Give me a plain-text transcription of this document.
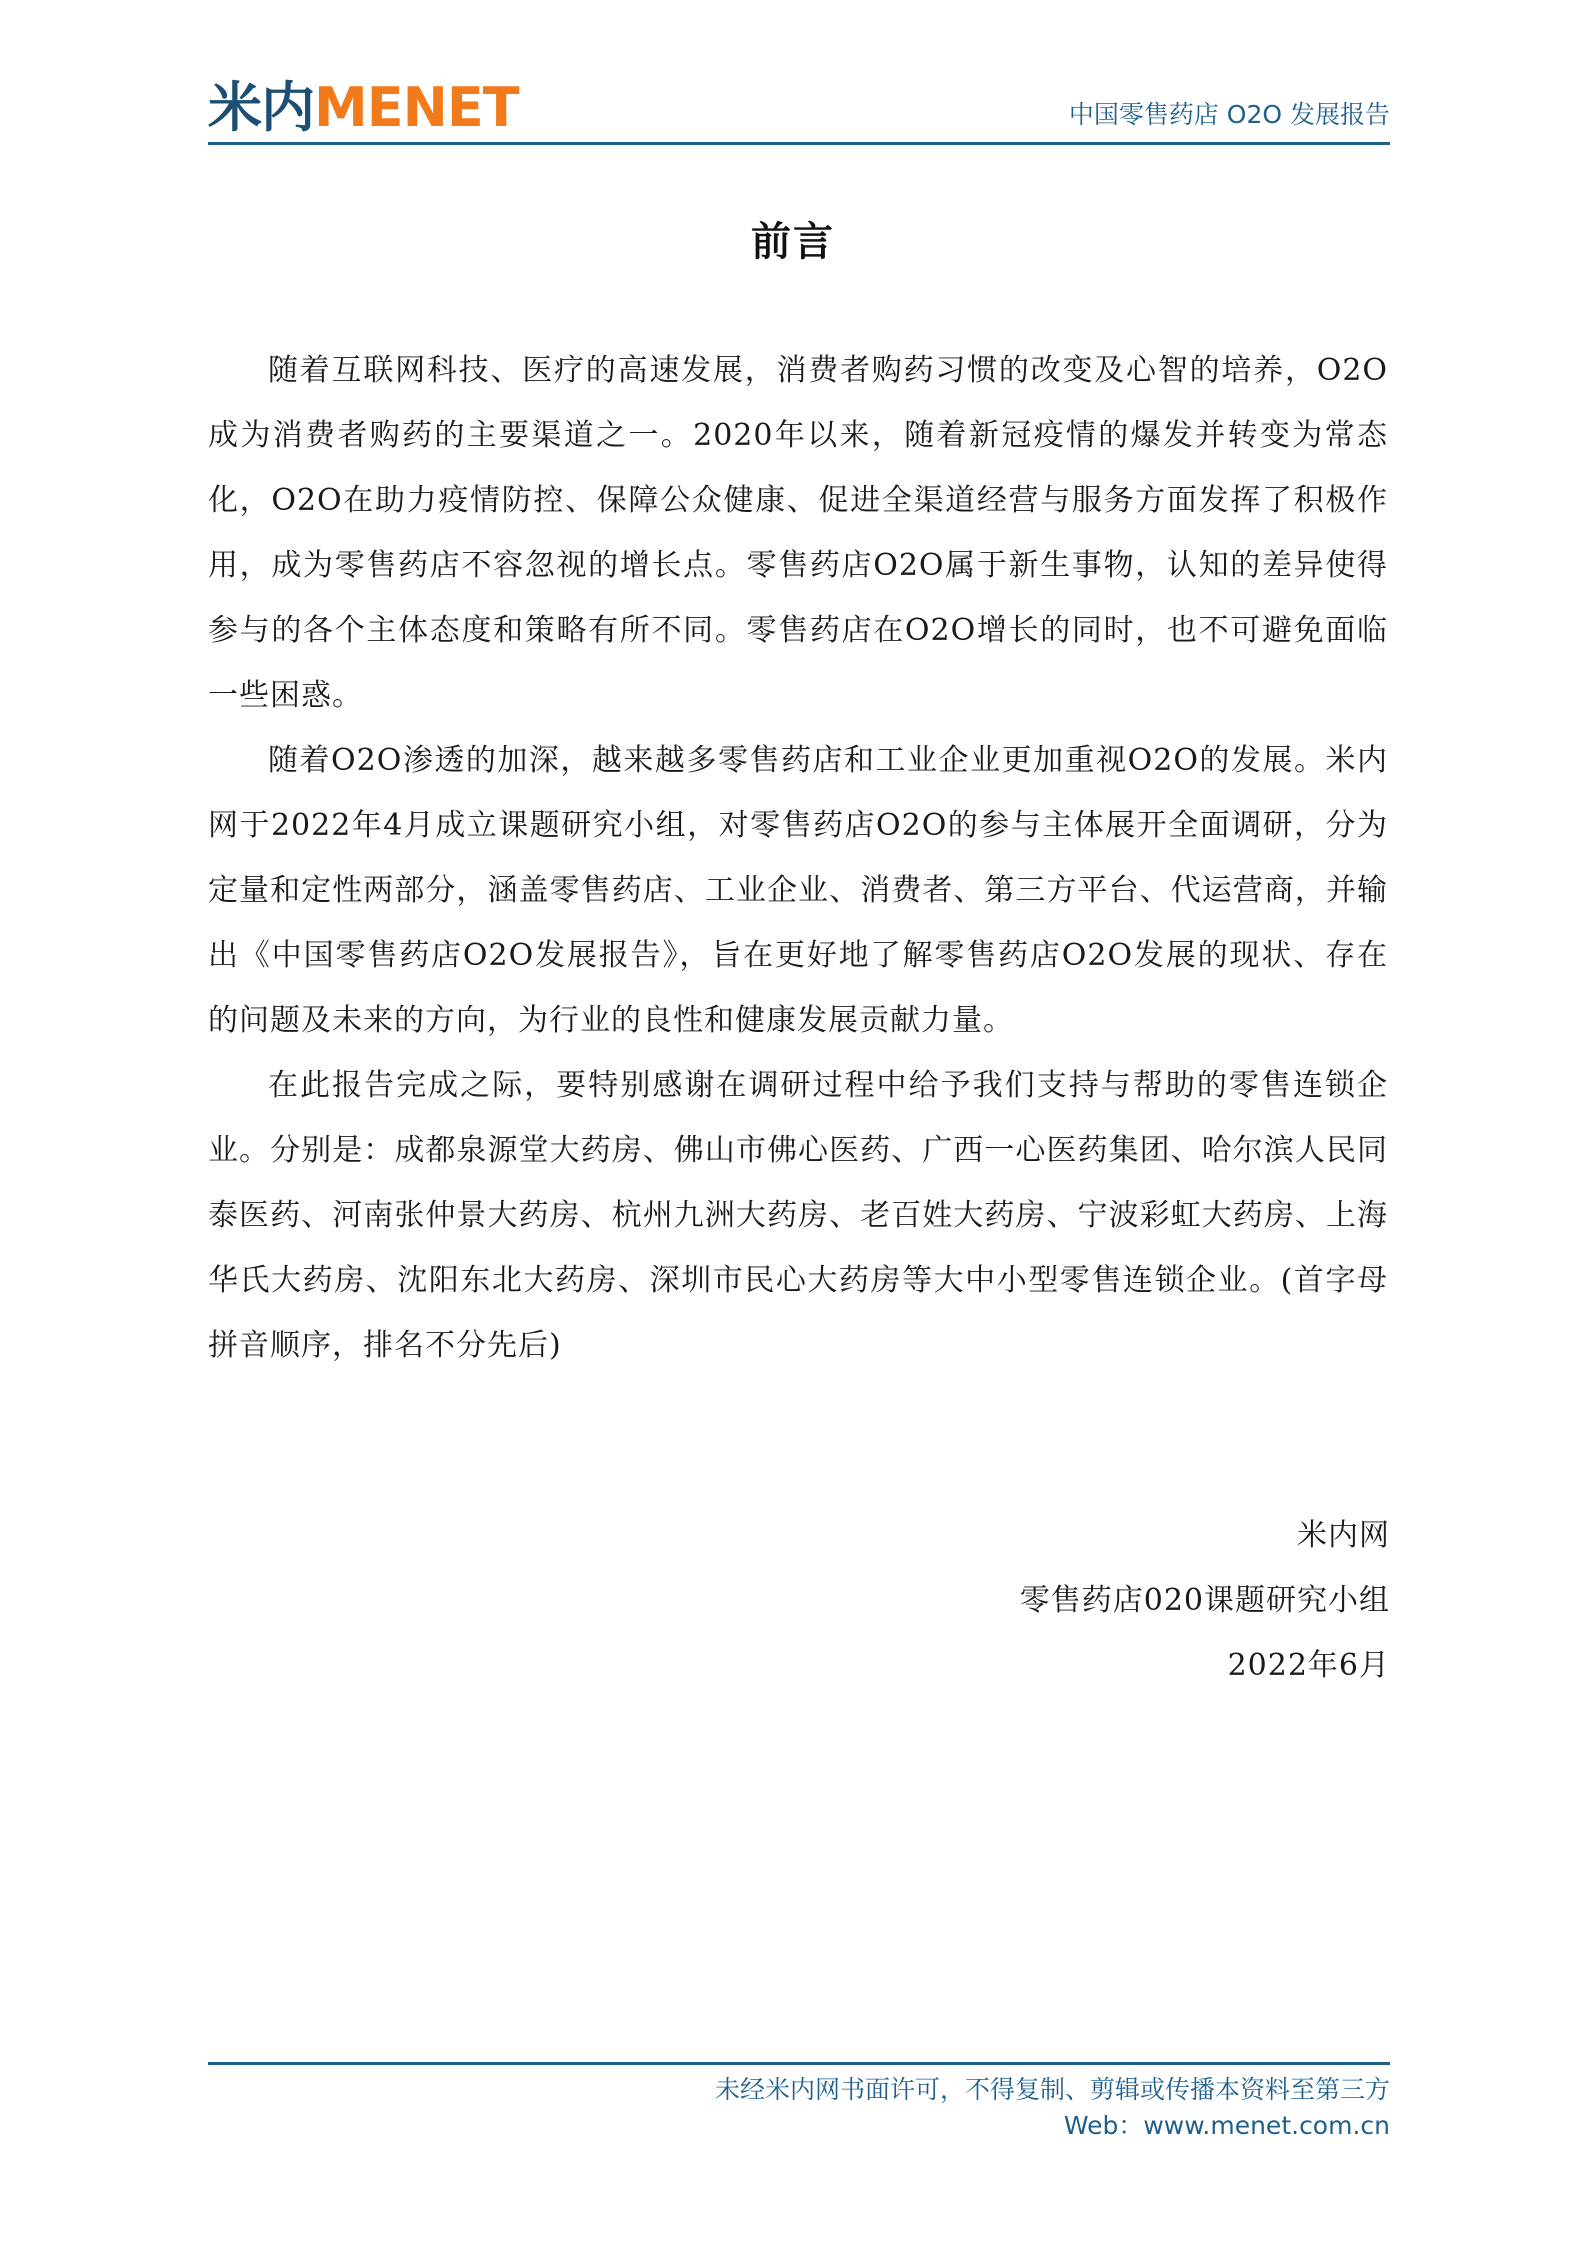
米内MENET	中国零售药店 O2O 发展报告
前言

随着互联网科技、医疗的高速发展，消费者购药习惯的改变及心智的培养，O2O成为消费者购药的主要渠道之一。2020年以来，随着新冠疫情的爆发并转变为常态化，O2O在助力疫情防控、保障公众健康、促进全渠道经营与服务方面发挥了积极作用，成为零售药店不容忽视的增长点。零售药店O2O属于新生事物，认知的差异使得参与的各个主体态度和策略有所不同。零售药店在O2O增长的同时，也不可避免面临一些困惑。

随着O2O渗透的加深，越来越多零售药店和工业企业更加重视O2O的发展。米内网于2022年4月成立课题研究小组，对零售药店O2O的参与主体展开全面调研，分为定量和定性两部分，涵盖零售药店、工业企业、消费者、第三方平台、代运营商，并输出《中国零售药店O2O发展报告》，旨在更好地了解零售药店O2O发展的现状、存在的问题及未来的方向，为行业的良性和健康发展贡献力量。

在此报告完成之际，要特别感谢在调研过程中给予我们支持与帮助的零售连锁企业。分别是：成都泉源堂大药房、佛山市佛心医药、广西一心医药集团、哈尔滨人民同泰医药、河南张仲景大药房、杭州九洲大药房、老百姓大药房、宁波彩虹大药房、上海华氏大药房、沈阳东北大药房、深圳市民心大药房等大中小型零售连锁企业。(首字母拼音顺序，排名不分先后)

米内网
零售药店020课题研究小组
2022年6月
未经米内网书面许可，不得复制、剪辑或传播本资料至第三方
Web：www.menet.com.cn
